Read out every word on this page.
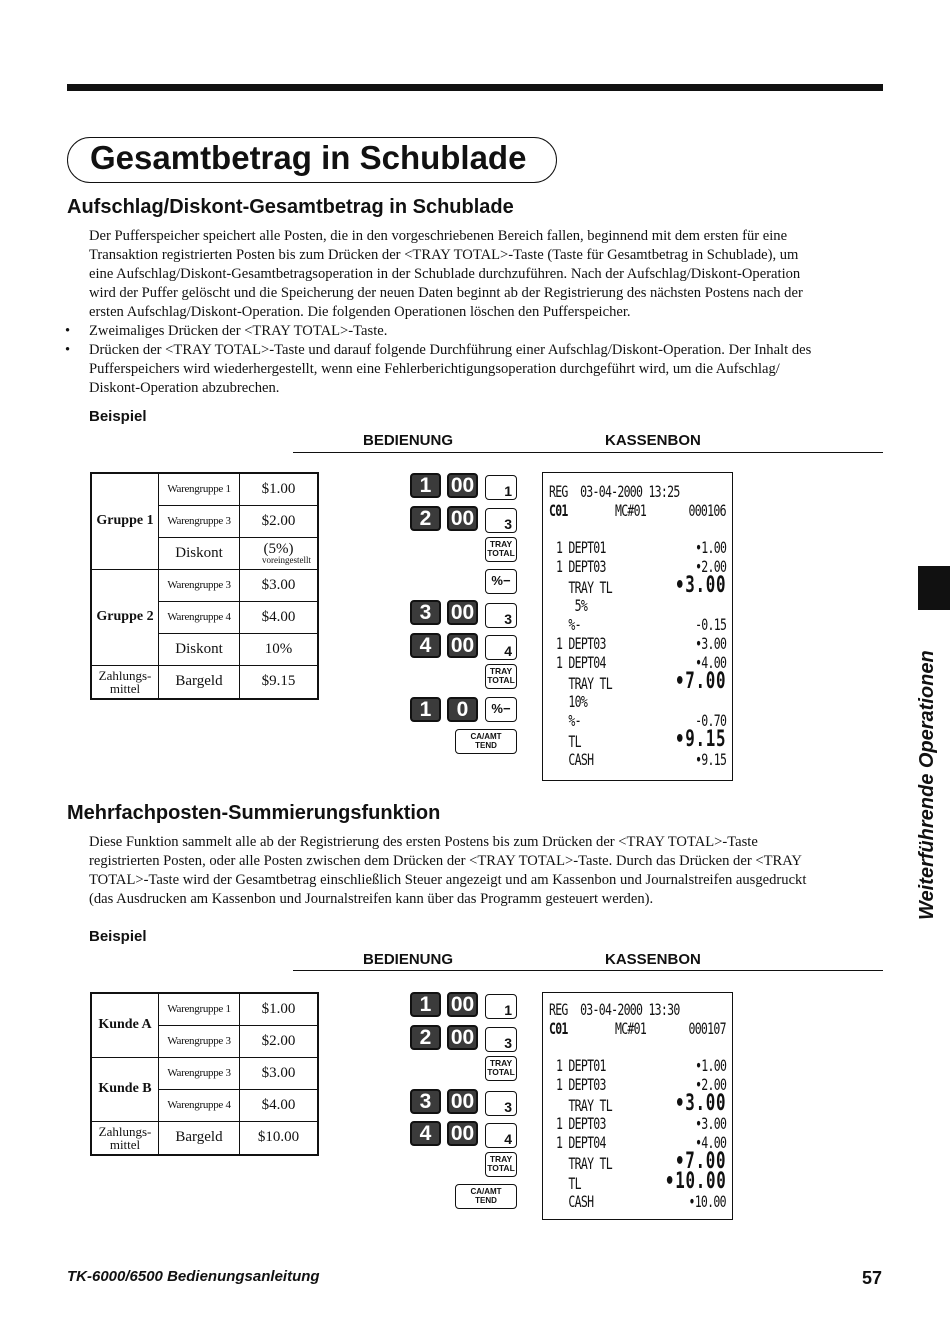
Gesamtbetrag in Schublade
Aufschlag/Diskont-Gesamtbetrag in Schublade
Der Pufferspeicher speichert alle Posten, die in den vorgeschriebenen Bereich fallen, beginnend mit dem ersten für eine
Transaktion registrierten Posten bis zum Drücken der <TRAY TOTAL>-Taste (Taste für Gesamtbetrag in Schublade), um
eine Aufschlag/Diskont-Gesamtbetragsoperation in der Schublade durchzuführen. Nach der Aufschlag/Diskont-Operation
wird der Puffer gelöscht und die Speicherung der neuen Daten beginnt ab der Registrierung des nächsten Postens nach der
ersten Aufschlag/Diskont-Operation. Die folgenden Operationen löschen den Pufferspeicher.
• Zweimaliges Drücken der <TRAY TOTAL>-Taste.
• Drücken der <TRAY TOTAL>-Taste und darauf folgende Durchführung einer Aufschlag/Diskont-Operation. Der Inhalt des
Pufferspeichers wird wiederhergestellt, wenn eine Fehlerberichtigungsoperation durchgeführt wird, um die Aufschlag/
Diskont-Operation abzubrechen.
Beispiel
BEDIENUNG	KASSENBON
Gruppe 1	Warengruppe 1	$1.00
	Warengruppe 3	$2.00
	Diskont	(5%)
voreingestellt

Gruppe 2	Warengruppe 3	$3.00
	Warengruppe 4	$4.00
	Diskont	10%

Zahlungs-
mittel	Bargeld	$9.15
1 00	1
2 00	3
TRAY
TOTAL
%−
3 00	3
4 00	4
TRAY
TOTAL
1	0	%−
CA/AMT
TEND
REG  03-04-2000 13:25
C01	MC#01	000106
1 DEPT01	•1.00
1 DEPT03	•2.00
TRAY TL	•3.00
5%
%-	-0.15
1 DEPT03	•3.00
1 DEPT04	•4.00
TRAY TL	•7.00
10%
%-	-0.70
TL	•9.15
CASH	•9.15
Mehrfachposten-Summierungsfunktion
Diese Funktion sammelt alle ab der Registrierung des ersten Postens bis zum Drücken der <TRAY TOTAL>-Taste
registrierten Posten, oder alle Posten zwischen dem Drücken der <TRAY TOTAL>-Taste. Durch das Drücken der <TRAY
TOTAL>-Taste wird der Gesamtbetrag einschließlich Steuer angezeigt und am Kassenbon und Journalstreifen ausgedruckt
(das Ausdrucken am Kassenbon und Journalstreifen kann über das Programm gesteuert werden).
Beispiel
BEDIENUNG	KASSENBON
Kunde A	Warengruppe 1	$1.00
	Warengruppe 3	$2.00
Kunde B	Warengruppe 3	$3.00
	Warengruppe 4	$4.00

Zahlungs-
mittel	Bargeld	$10.00
1 00	1
2 00	3
TRAY
TOTAL
3 00	3
4 00	4
TRAY
TOTAL
CA/AMT
TEND
REG  03-04-2000 13:30
C01	MC#01	000107
1 DEPT01	•1.00
1 DEPT03	•2.00
TRAY TL	•3.00
1 DEPT03	•3.00
1 DEPT04	•4.00
TRAY TL	•7.00
TL	•10.00
CASH	•10.00
Weiterführende Operationen
TK-6000/6500 Bedienungsanleitung	57
